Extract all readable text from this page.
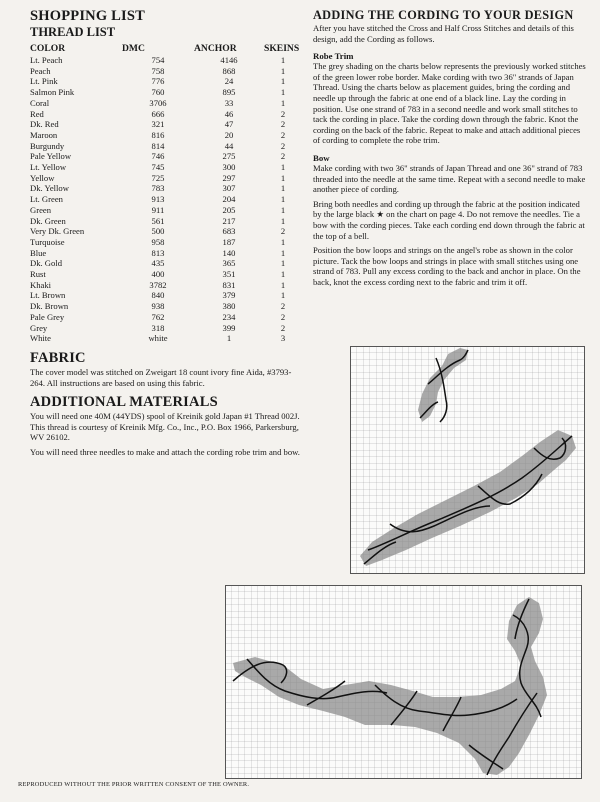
SHOPPING LIST
THREAD LIST
COLOR	DMC	ANCHOR	SKEINS
Lt. Peach	754	4146	1
Peach	758	868	1
Lt. Pink	776	24	1
Salmon Pink	760	895	1
Coral	3706	33	1
Red	666	46	2
Dk. Red	321	47	2
Maroon	816	20	2
Burgundy	814	44	2
Pale Yellow	746	275	2
Lt. Yellow	745	300	1
Yellow	725	297	1
Dk. Yellow	783	307	1
Lt. Green	913	204	1
Green	911	205	1
Dk. Green	561	217	1
Very Dk. Green	500	683	2
Turquoise	958	187	1
Blue	813	140	1
Dk. Gold	435	365	1
Rust	400	351	1
Khaki	3782	831	1
Lt. Brown	840	379	1
Dk. Brown	938	380	2
Pale Grey	762	234	2
Grey	318	399	2
White	white	1	3
FABRIC
The cover model was stitched on Zweigart 18 count ivory fine Aida, #3793-264. All instructions are based on using this fabric.
ADDITIONAL MATERIALS
You will need one 40M (44YDS) spool of Kreinik gold Japan #1 Thread 002J. This thread is courtesy of Kreinik Mfg. Co., Inc., P.O. Box 1966, Parkersburg, WV 26102.
You will need three needles to make and attach the cording robe trim and bow.
ADDING THE CORDING TO YOUR DESIGN
After you have stitched the Cross and Half Cross Stitches and details of this design, add the Cording as follows.
Robe Trim
The grey shading on the charts below represents the previously worked stitches of the green lower robe border. Make cording with two 36" strands of Japan Thread. Using the charts below as placement guides, bring the cording and needle up through the fabric at one end of a black line. Lay the cording in position. Use one strand of 783 in a second needle and work small stitches to tack the cording in place. Take the cording down through the fabric. Knot the cording on the back of the fabric. Repeat to make and attach additional pieces of cording to complete the robe trim.
Bow
Make cording with two 36" strands of Japan Thread and one 36" strand of 783 threaded into the needle at the same time. Repeat with a second needle to make another piece of cording.
Bring both needles and cording up through the fabric at the position indicated by the large black ★ on the chart on page 4. Do not remove the needles. Tie a bow with the cording pieces. Take each cording end down through the fabric at the top of a bell.
Position the bow loops and strings on the angel's robe as shown in the color picture. Tack the bow loops and strings in place with small stitches using one strand of 783. Pull any excess cording to the back and anchor in place. On the back, knot the excess cording next to the fabric and trim it off.
REPRODUCED WITHOUT THE PRIOR WRITTEN CONSENT OF THE OWNER.
